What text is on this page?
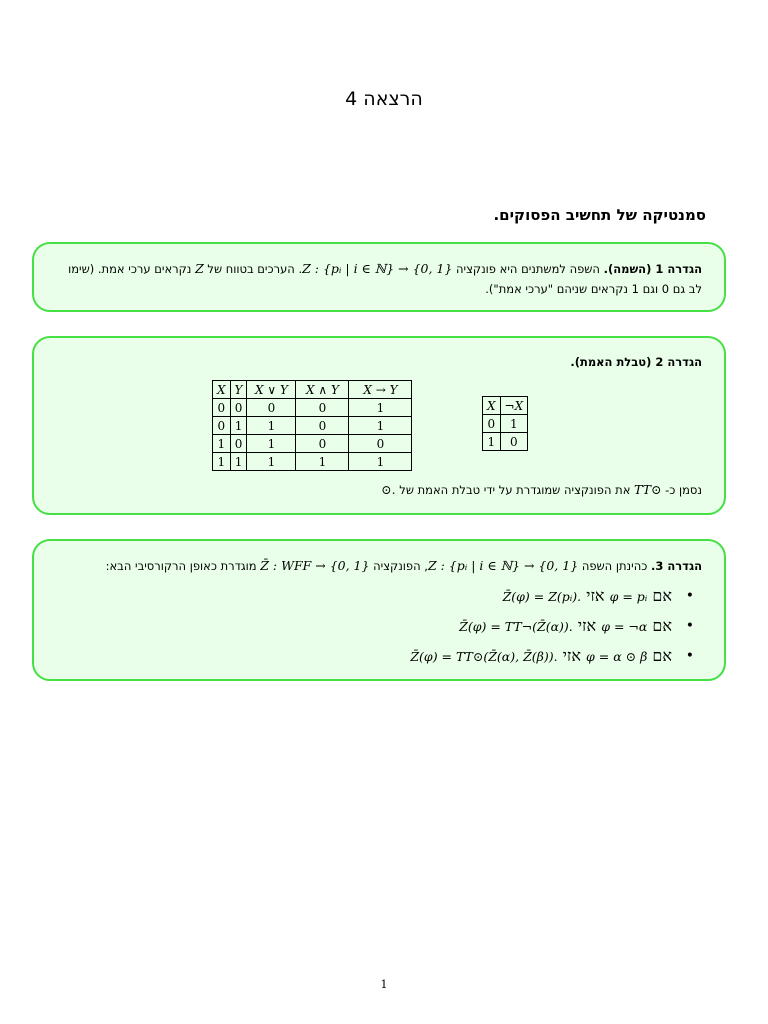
הרצאה 4
סמנטיקה של תחשיב הפסוקים.
הגדרה 1 (השמה). השפה למשתנים היא פונקציה Z : {pᵢ | i ∈ ℕ} → {0, 1}. הערכים בטווח של Z נקראים ערכי אמת. (שימו לב גם 0 וגם 1 נקראים שניהם "ערכי אמת").
הגדרה 2 (טבלת האמת).
X	Y	X ∨ Y	X ∧ Y	X → Y
0	0	0	0	1
0	1	1	0	1
1	0	1	0	0
1	1	1	1	1
X	¬X
0	1
1	0
נסמן כ- TT⊙ את הפונקציה שמוגדרת על ידי טבלת האמת של ⊙.
הגדרה 3. כהינתן השפה Z : {pᵢ | i ∈ ℕ} → {0, 1}, הפונקציה Z̄ : WFF → {0, 1} מוגדרת כאופן הרקורסיבי הבא:
• אם φ = pᵢ אזי Z̄(φ) = Z(pᵢ).
• אם φ = ¬α אזי Z̄(φ) = TT¬(Z̄(α)).
• אם φ = α ⊙ β אזי Z̄(φ) = TT⊙(Z̄(α), Z̄(β)).
1
